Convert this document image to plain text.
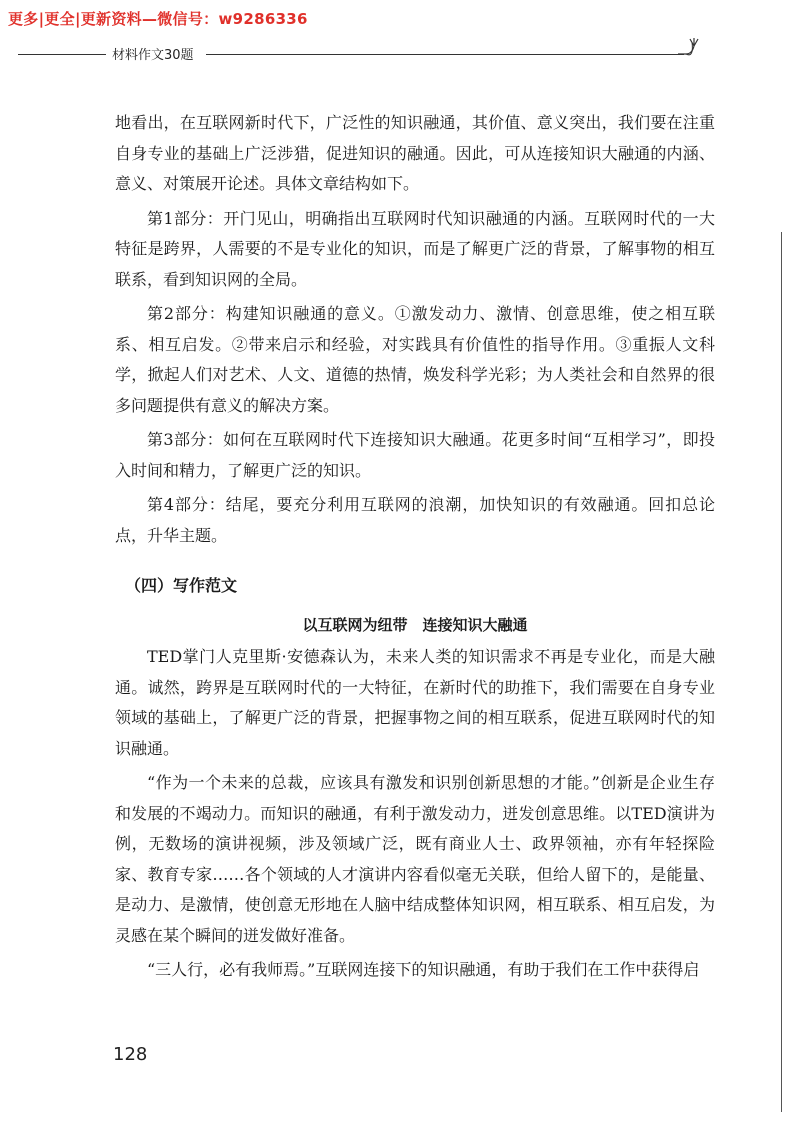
更多|更全|更新资料—微信号：w9286336
材料作文30题

地看出，在互联网新时代下，广泛性的知识融通，其价值、意义突出，我们要在注重自身专业的基础上广泛涉猎，促进知识的融通。因此，可从连接知识大融通的内涵、意义、对策展开论述。具体文章结构如下。

第1部分：开门见山，明确指出互联网时代知识融通的内涵。互联网时代的一大特征是跨界，人需要的不是专业化的知识，而是了解更广泛的背景，了解事物的相互联系，看到知识网的全局。

第2部分：构建知识融通的意义。①激发动力、激情、创意思维，使之相互联系、相互启发。②带来启示和经验，对实践具有价值性的指导作用。③重振人文科学，掀起人们对艺术、人文、道德的热情，焕发科学光彩；为人类社会和自然界的很多问题提供有意义的解决方案。

第3部分：如何在互联网时代下连接知识大融通。花更多时间“互相学习”，即投入时间和精力，了解更广泛的知识。

第4部分：结尾，要充分利用互联网的浪潮，加快知识的有效融通。回扣总论点，升华主题。

（四）写作范文

以互联网为纽带　连接知识大融通

TED掌门人克里斯·安德森认为，未来人类的知识需求不再是专业化，而是大融通。诚然，跨界是互联网时代的一大特征，在新时代的助推下，我们需要在自身专业领域的基础上，了解更广泛的背景，把握事物之间的相互联系，促进互联网时代的知识融通。

“作为一个未来的总裁，应该具有激发和识别创新思想的才能。”创新是企业生存和发展的不竭动力。而知识的融通，有利于激发动力，迸发创意思维。以TED演讲为例，无数场的演讲视频，涉及领域广泛，既有商业人士、政界领袖，亦有年轻探险家、教育专家……各个领域的人才演讲内容看似毫无关联，但给人留下的，是能量、是动力、是激情，使创意无形地在人脑中结成整体知识网，相互联系、相互启发，为灵感在某个瞬间的迸发做好准备。

“三人行，必有我师焉。”互联网连接下的知识融通，有助于我们在工作中获得启

128
